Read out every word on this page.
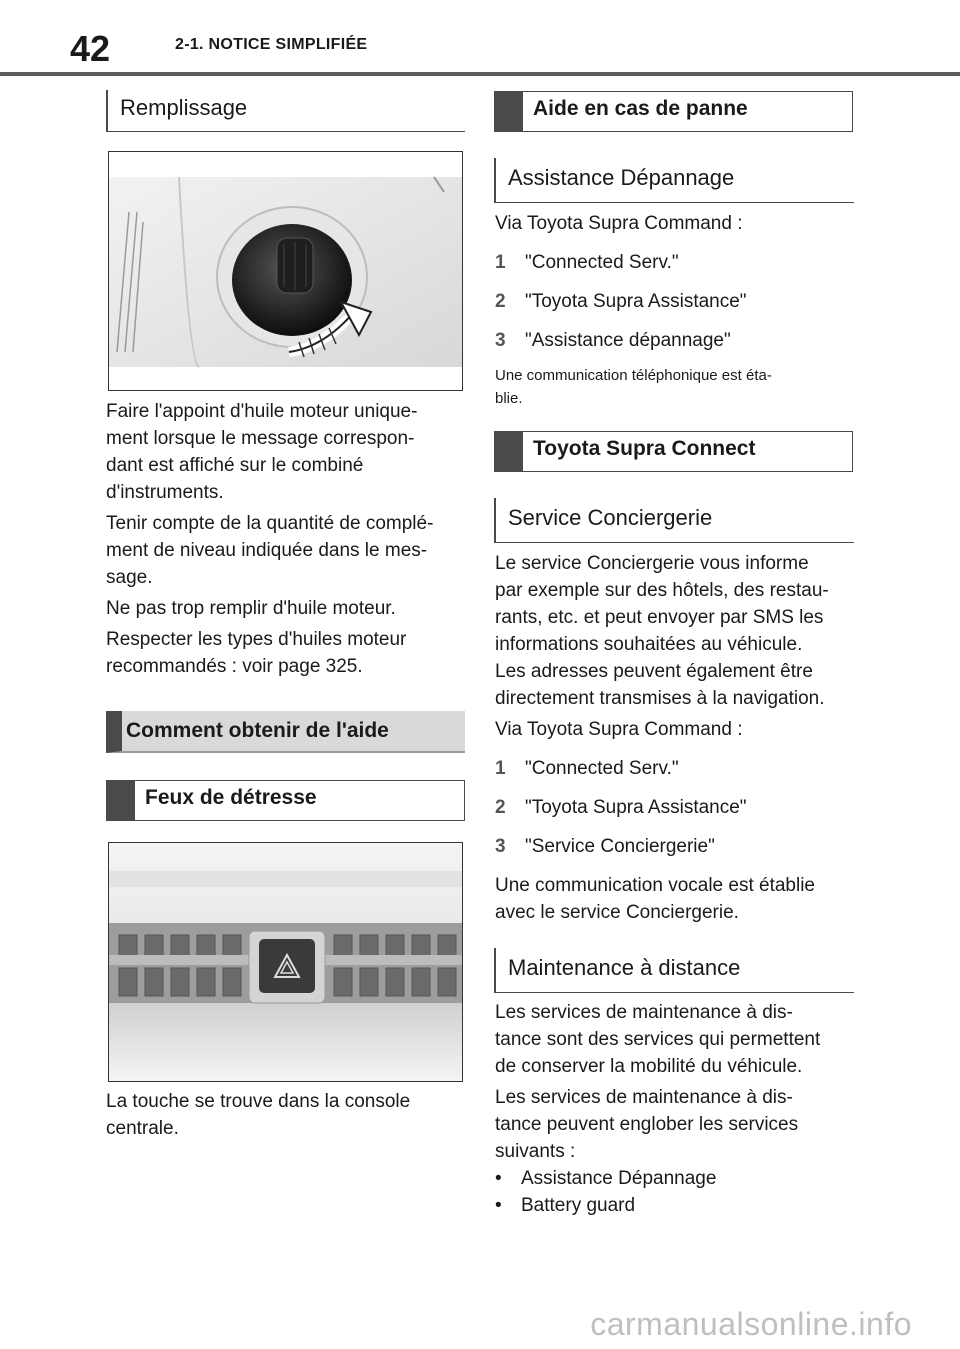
42	2-1. NOTICE SIMPLIFIÉE
Remplissage
Faire l'appoint d'huile moteur unique-
ment lorsque le message correspon-
dant est affiché sur le combiné
d'instruments.
Tenir compte de la quantité de complé-
ment de niveau indiquée dans le mes-
sage.
Ne pas trop remplir d'huile moteur.
Respecter les types d'huiles moteur
recommandés : voir page 325.
Comment obtenir de l'aide
Feux de détresse
La touche se trouve dans la console
centrale.
Aide en cas de panne
Assistance Dépannage
Via Toyota Supra Command :
1 "Connected Serv."
2 "Toyota Supra Assistance"
3 "Assistance dépannage"
Une communication téléphonique est éta-
blie.
Toyota Supra Connect
Service Conciergerie
Le service Conciergerie vous informe
par exemple sur des hôtels, des restau-
rants, etc. et peut envoyer par SMS les
informations souhaitées au véhicule.
Les adresses peuvent également être
directement transmises à la navigation.
Via Toyota Supra Command :
1 "Connected Serv."
2 "Toyota Supra Assistance"
3 "Service Conciergerie"
Une communication vocale est établie
avec le service Conciergerie.
Maintenance à distance
Les services de maintenance à dis-
tance sont des services qui permettent
de conserver la mobilité du véhicule.
Les services de maintenance à dis-
tance peuvent englober les services
suivants :
• Assistance Dépannage
• Battery guard
carmanualsonline.info
